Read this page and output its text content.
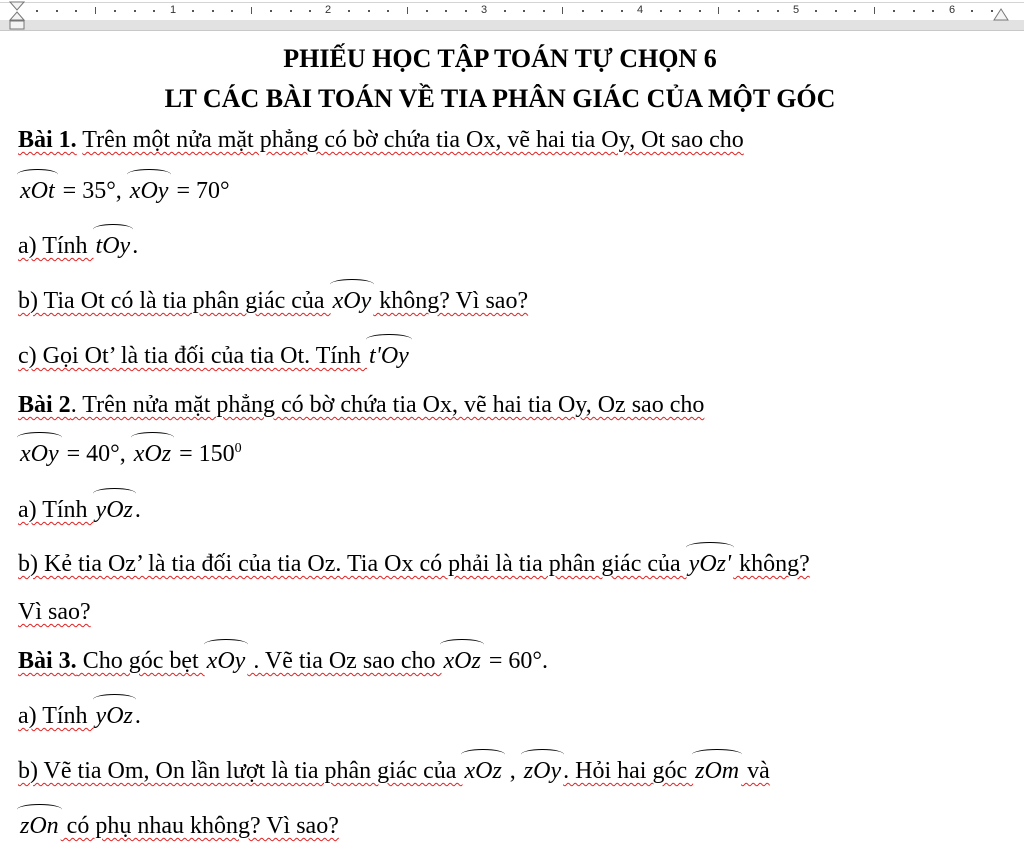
1	2	3	4	5	6
PHIẾU HỌC TẬP TOÁN TỰ CHỌN 6
LT CÁC BÀI TOÁN VỀ TIA PHÂN GIÁC CỦA MỘT GÓC
Bài 1. Trên một nửa mặt phẳng có bờ chứa tia Ox, vẽ hai tia Oy, Ot sao cho
xOt = 35°, xOy = 70°
a) Tính tOy.
b) Tia Ot có là tia phân giác của xOy không? Vì sao?
c) Gọi Ot’ là tia đối của tia Ot. Tính t'Oy
Bài 2. Trên nửa mặt phẳng có bờ chứa tia Ox, vẽ hai tia Oy, Oz sao cho
xOy = 40°, xOz = $150^0$
a) Tính yOz.
b) Kẻ tia Oz’ là tia đối của tia Oz. Tia Ox có phải là tia phân giác của yOz' không?
Vì sao?
Bài 3. Cho góc bẹt xOy . Vẽ tia Oz sao cho xOz = 60°.
a) Tính yOz.
b) Vẽ tia Om, On lần lượt là tia phân giác của xOz , zOy. Hỏi hai góc zOm và
zOn có phụ nhau không? Vì sao?
